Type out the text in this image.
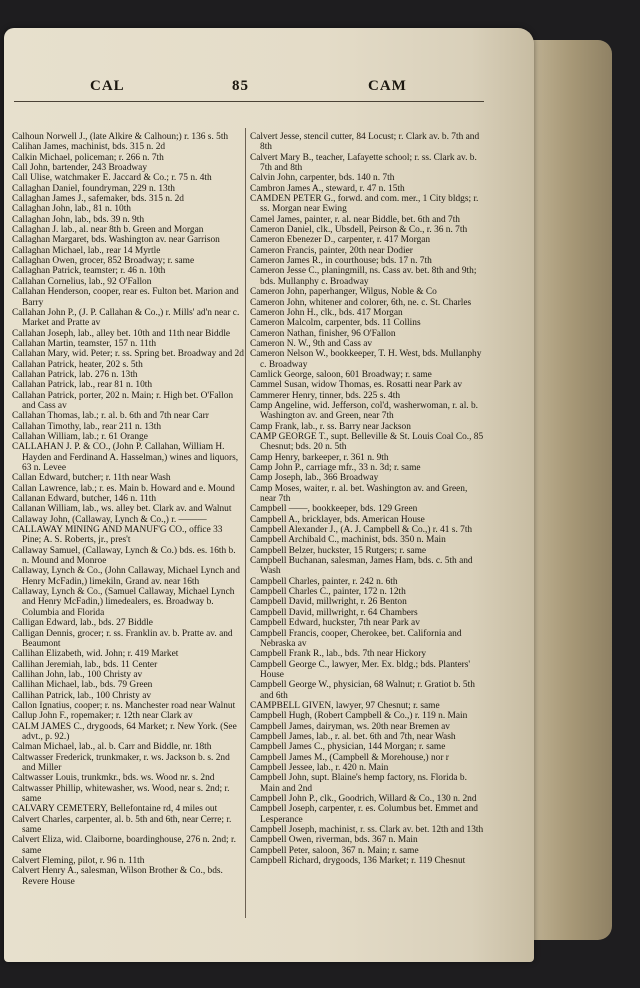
CAL	85	CAM
Calhoun Norwell J., (late Alkire & Calhoun;) r. 136 s. 5th
Calihan James, machinist, bds. 315 n. 2d
Calkin Michael, policeman; r. 266 n. 7th
Call John, bartender, 243 Broadway
Call Ulise, watchmaker E. Jaccard & Co.; r. 75 n. 4th
Callaghan Daniel, foundryman, 229 n. 13th
Callaghan James J., safemaker, bds. 315 n. 2d
Callaghan John, lab., 81 n. 10th
Callaghan John, lab., bds. 39 n. 9th
Callaghan J. lab., al. near 8th b. Green and Morgan
Callaghan Margaret, bds. Washington av. near Garrison
Callaghan Michael, lab., rear 14 Myrtle
Callaghan Owen, grocer, 852 Broadway; r. same
Callaghan Patrick, teamster; r. 46 n. 10th
Callahan Cornelius, lab., 92 O'Fallon
Callahan Henderson, cooper, rear es. Fulton bet. Marion and Barry
Callahan John P., (J. P. Callahan & Co.,) r. Mills' ad'n near c. Market and Pratte av
Callahan Joseph, lab., alley bet. 10th and 11th near Biddle
Callahan Martin, teamster, 157 n. 11th
Callahan Mary, wid. Peter; r. ss. Spring bet. Broadway and 2d
Callahan Patrick, heater, 202 s. 5th
Callahan Patrick, lab. 276 n. 13th
Callahan Patrick, lab., rear 81 n. 10th
Callahan Patrick, porter, 202 n. Main; r. High bet. O'Fallon and Cass av
Callahan Thomas, lab.; r. al. b. 6th and 7th near Carr
Callahan Timothy, lab., rear 211 n. 13th
Callahan William, lab.; r. 61 Orange
CALLAHAN J. P. & CO., (John P. Callahan, William H. Hayden and Ferdinand A. Hasselman,) wines and liquors, 63 n. Levee
Callan Edward, butcher; r. 11th near Wash
Callan Lawrence, lab.; r. es. Main b. Howard and e. Mound
Callanan Edward, butcher, 146 n. 11th
Callanan William, lab., ws. alley bet. Clark av. and Walnut
Callaway John, (Callaway, Lynch & Co.,) r. ———
CALLAWAY MINING AND MANUF'G CO., office 33 Pine; A. S. Roberts, jr., pres't
Callaway Samuel, (Callaway, Lynch & Co.) bds. es. 16th b. n. Mound and Monroe
Callaway, Lynch & Co., (John Callaway, Michael Lynch and Henry McFadin,) limekiln, Grand av. near 16th
Callaway, Lynch & Co., (Samuel Callaway, Michael Lynch and Henry McFadin,) limedealers, es. Broadway b. Columbia and Florida
Calligan Edward, lab., bds. 27 Biddle
Calligan Dennis, grocer; r. ss. Franklin av. b. Pratte av. and Beaumont
Callihan Elizabeth, wid. John; r. 419 Market
Callihan Jeremiah, lab., bds. 11 Center
Callihan John, lab., 100 Christy av
Callihan Michael, lab., bds. 79 Green
Callihan Patrick, lab., 100 Christy av
Callon Ignatius, cooper; r. ns. Manchester road near Walnut
Callup John F., ropemaker; r. 12th near Clark av
CALM JAMES C., drygoods, 64 Market; r. New York. (See advt., p. 92.)
Calman Michael, lab., al. b. Carr and Biddle, nr. 18th
Caltwasser Frederick, trunkmaker, r. ws. Jackson b. s. 2nd and Miller
Caltwasser Louis, trunkmkr., bds. ws. Wood nr. s. 2nd
Caltwasser Phillip, whitewasher, ws. Wood, near s. 2nd; r. same
CALVARY CEMETERY, Bellefontaine rd, 4 miles out
Calvert Charles, carpenter, al. b. 5th and 6th, near Cerre; r. same
Calvert Eliza, wid. Claiborne, boardinghouse, 276 n. 2nd; r. same
Calvert Fleming, pilot, r. 96 n. 11th
Calvert Henry A., salesman, Wilson Brother & Co., bds. Revere House
Calvert Jesse, stencil cutter, 84 Locust; r. Clark av. b. 7th and 8th
Calvert Mary B., teacher, Lafayette school; r. ss. Clark av. b. 7th and 8th
Calvin John, carpenter, bds. 140 n. 7th
Cambron James A., steward, r. 47 n. 15th
CAMDEN PETER G., forwd. and com. mer., 1 City bldgs; r. ss. Morgan near Ewing
Camel James, painter, r. al. near Biddle, bet. 6th and 7th
Cameron Daniel, clk., Ubsdell, Peirson & Co., r. 36 n. 7th
Cameron Ebenezer D., carpenter, r. 417 Morgan
Cameron Francis, painter, 20th near Dodier
Cameron James R., in courthouse; bds. 17 n. 7th
Cameron Jesse C., planingmill, ns. Cass av. bet. 8th and 9th; bds. Mullanphy c. Broadway
Cameron John, paperhanger, Wilgus, Noble & Co
Cameron John, whitener and colorer, 6th, ne. c. St. Charles
Cameron John H., clk., bds. 417 Morgan
Cameron Malcolm, carpenter, bds. 11 Collins
Cameron Nathan, finisher, 96 O'Fallon
Cameron N. W., 9th and Cass av
Cameron Nelson W., bookkeeper, T. H. West, bds. Mullanphy c. Broadway
Camlick George, saloon, 601 Broadway; r. same
Cammel Susan, widow Thomas, es. Rosatti near Park av
Cammerer Henry, tinner, bds. 225 s. 4th
Camp Angeline, wid. Jefferson, col'd, washerwoman, r. al. b. Washington av. and Green, near 7th
Camp Frank, lab., r. ss. Barry near Jackson
CAMP GEORGE T., supt. Belleville & St. Louis Coal Co., 85 Chesnut; bds. 20 n. 5th
Camp Henry, barkeeper, r. 361 n. 9th
Camp John P., carriage mfr., 33 n. 3d; r. same
Camp Joseph, lab., 366 Broadway
Camp Moses, waiter, r. al. bet. Washington av. and Green, near 7th
Campbell ——, bookkeeper, bds. 129 Green
Campbell A., bricklayer, bds. American House
Campbell Alexander J., (A. J. Campbell & Co.,) r. 41 s. 7th
Campbell Archibald C., machinist, bds. 350 n. Main
Campbell Belzer, huckster, 15 Rutgers; r. same
Campbell Buchanan, salesman, James Ham, bds. c. 5th and Wash
Campbell Charles, painter, r. 242 n. 6th
Campbell Charles C., painter, 172 n. 12th
Campbell David, millwright, r. 26 Benton
Campbell David, millwright, r. 64 Chambers
Campbell Edward, huckster, 7th near Park av
Campbell Francis, cooper, Cherokee, bet. California and Nebraska av
Campbell Frank R., lab., bds. 7th near Hickory
Campbell George C., lawyer, Mer. Ex. bldg.; bds. Planters' House
Campbell George W., physician, 68 Walnut; r. Gratiot b. 5th and 6th
CAMPBELL GIVEN, lawyer, 97 Chesnut; r. same
Campbell Hugh, (Robert Campbell & Co.,) r. 119 n. Main
Campbell James, dairyman, ws. 20th near Bremen av
Campbell James, lab., r. al. bet. 6th and 7th, near Wash
Campbell James C., physician, 144 Morgan; r. same
Campbell James M., (Campbell & Morehouse,) nor r
Campbell Jessee, lab., r. 420 n. Main
Campbell John, supt. Blaine's hemp factory, ns. Florida b. Main and 2nd
Campbell John P., clk., Goodrich, Willard & Co., 130 n. 2nd
Campbell Joseph, carpenter, r. es. Columbus bet. Emmet and Lesperance
Campbell Joseph, machinist, r. ss. Clark av. bet. 12th and 13th
Campbell Owen, riverman, bds. 367 n. Main
Campbell Peter, saloon, 367 n. Main; r. same
Campbell Richard, drygoods, 136 Market; r. 119 Chesnut
